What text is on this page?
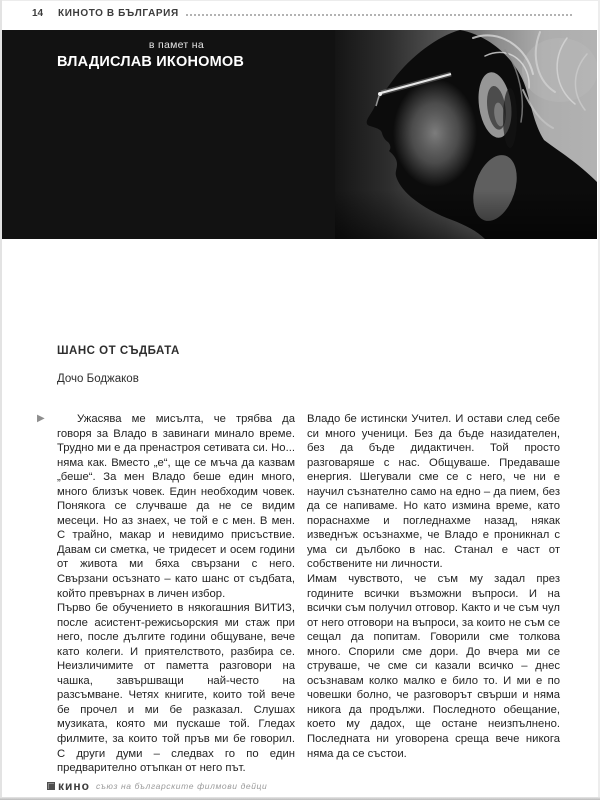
14	КИНОТО В БЪЛГАРИЯ
в памет на
ВЛАДИСЛАВ ИКОНОМОВ
ШАНС ОТ СЪДБАТА
Дочо Боджаков
▶	Ужасява ме мисълта, че трябва да говоря за Владо в завинаги минало време. Трудно ми е да пренастроя сетивата си. Но... няма как. Вместо „е“, ще се мъча да казвам „беше“. За мен Владо беше един много, много близък човек. Един необходим човек. Понякога се случваше да не се видим месеци. Но аз знаех, че той е с мен. В мен. С трайно, макар и невидимо присъствие. Давам си сметка, че тридесет и осем години от живота ми бяха свързани с него. Свързани осъзнато – като шанс от съдбата, който превърнах в личен избор.

Първо бе обучението в някогашния ВИТИЗ, после асистент-режисьорския ми стаж при него, после дългите години общуване, вече като колеги. И приятелството, разбира се. Неизличимите от паметта разговори на чашка, завършващи най-често на разсъмване. Четях книгите, които той вече бе прочел и ми бе разказал. Слушах музиката, която ми пускаше той. Гледах филмите, за които той пръв ми бе говорил. С други думи – следвах го по един предварително отъпкан от него път.

Владо бе истински Учител. И остави след себе си много ученици. Без да бъде назидателен, без да бъде дидактичен. Той просто разговаряше с нас. Общуваше. Предаваше енергия. Шегували сме се с него, че ни е научил съзнателно само на едно – да пием, без да се напиваме. Но като измина време, като пораснахме и погледнахме назад, някак изведнъж осъзнахме, че Владо е проникнал с ума си дълбоко в нас. Станал е част от собствените ни личности.

Имам чувството, че съм му задал през годините всички възможни въпроси. И на всички съм получил отговор. Както и че съм чул от него отговори на въпроси, за които не съм се сещал да попитам. Говорили сме толкова много. Спорили сме дори. До вчера ми се струваше, че сме си казали всичко – днес осъзнавам колко малко е било то. И ми е по човешки болно, че разговорът свърши и няма никога да продължи. Последното обещание, което му дадох, ще остане неизпълнено. Последната ни уговорена среща вече никога няма да се състои.

кино съюз на българските филмови дейци
